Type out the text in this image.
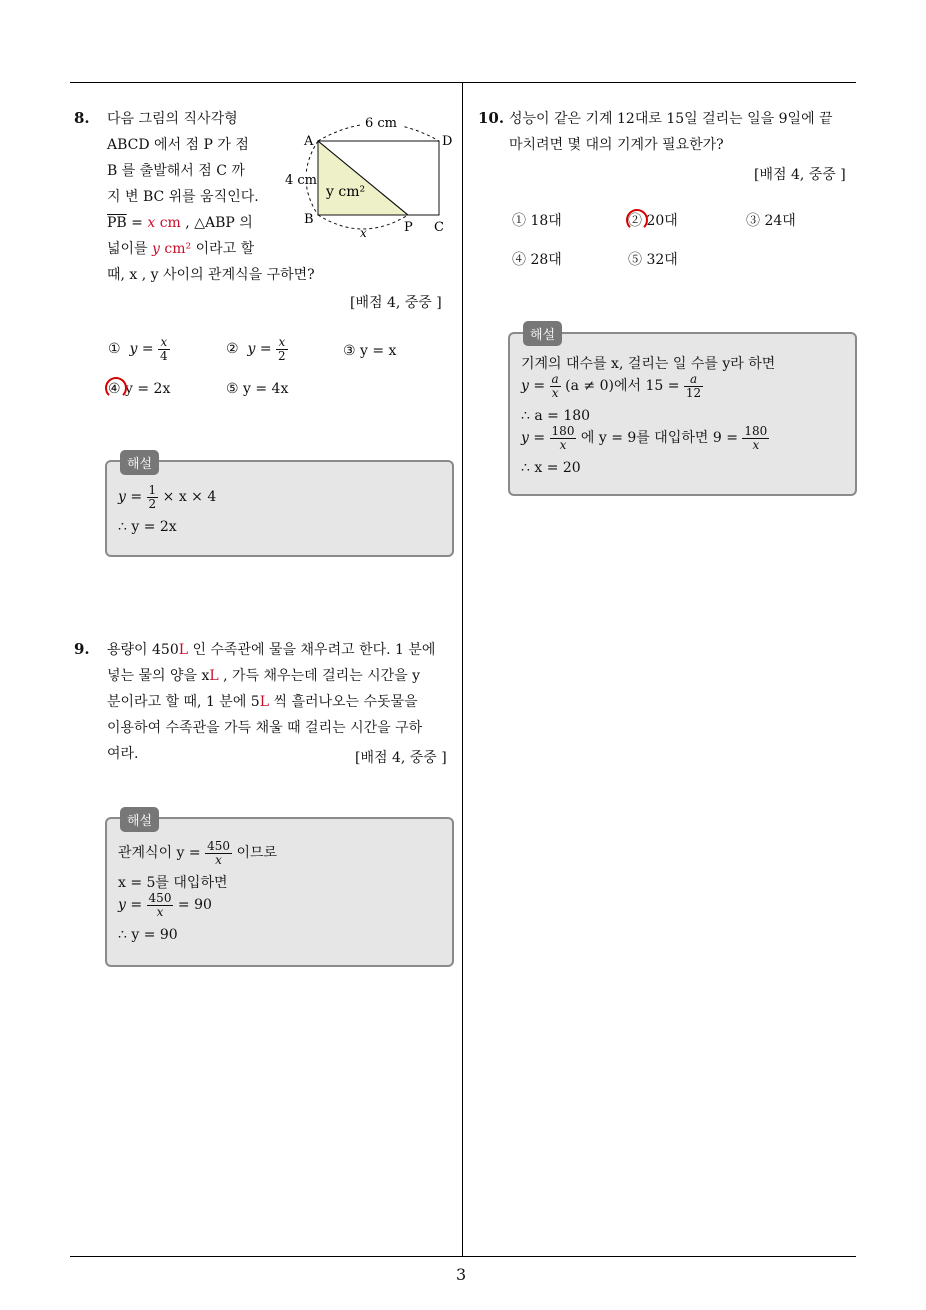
8. 다음 그림의 직사각형
ABCD 에서 점 P 가 점
B 를 출발해서 점 C 까
지 변 BC 위를 움직인다.
$\overline{PB} = x$ cm , △ABP 의
넓이를 y cm² 이라고 할
때, x , y 사이의 관계식을 구하면?
[배점 4, 중중 ]
6 cm
4 cm
y cm²
x
A	D
B
P C
① $y = \frac{x}{4}$	② $y = \frac{x}{2}$	③ y = x
④ y = 2x	⑤ y = 4x
해설
$y = \frac{1}{2} \times x \times 4$
∴ y = 2x
9. 용량이 450L 인 수족관에 물을 채우려고 한다. 1 분에
넣는 물의 양을 xL , 가득 채우는데 걸리는 시간을 y
분이라고 할 때, 1 분에 5L 씩 흘러나오는 수돗물을
이용하여 수족관을 가득 채울 때 걸리는 시간을 구하
여라.	[배점 4, 중중 ]
해설
관계식이 $y = \frac{450}{x}$ 이므로
x = 5를 대입하면
$y = \frac{450}{x} = 90$
∴ y = 90
10. 성능이 같은 기계 12대로 15일 걸리는 일을 9일에 끝
마치려면 몇 대의 기계가 필요한가?
[배점 4, 중중 ]
① 18대	② 20대	③ 24대
④ 28대	⑤ 32대
해설
기계의 대수를 x, 걸리는 일 수를 y라 하면
$y = \frac{a}{x} (a \ne 0)$에서 $15 = \frac{a}{12}$
∴ a = 180
$y = \frac{180}{x}$ 에 y = 9를 대입하면 $9 = \frac{180}{x}$
∴ x = 20
3
